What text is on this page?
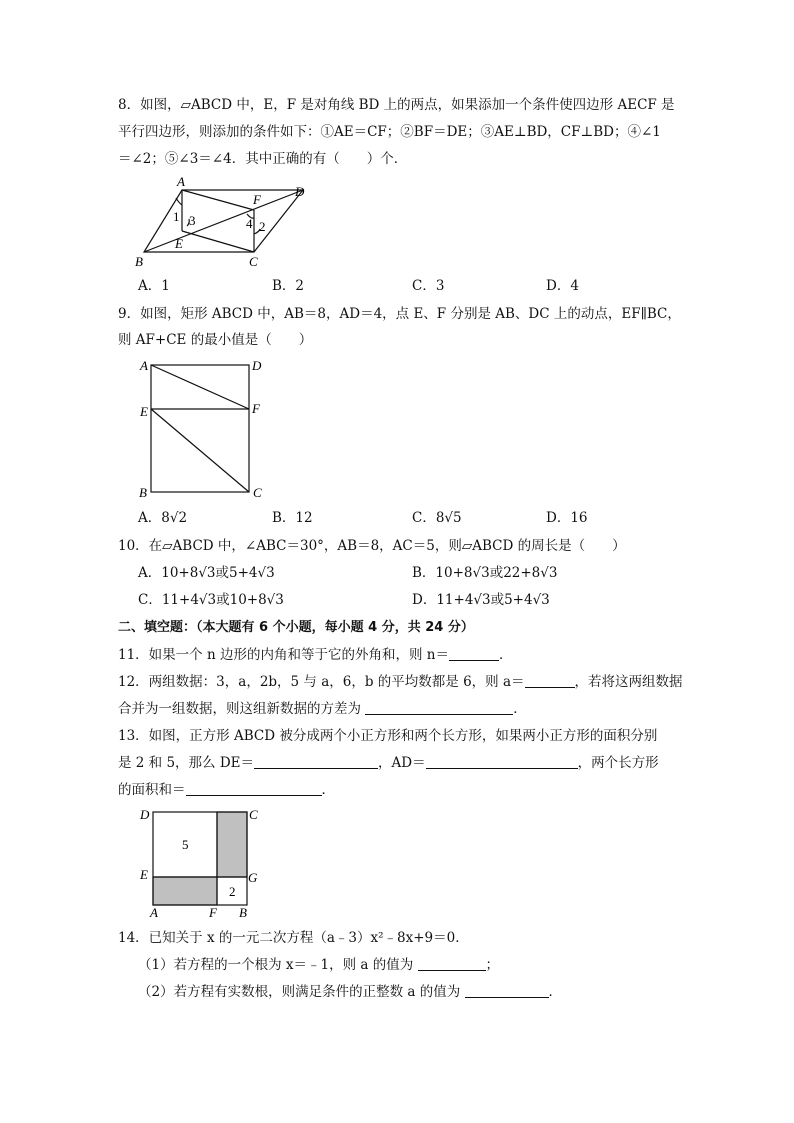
8．如图，▱ABCD 中，E，F 是对角线 BD 上的两点，如果添加一个条件使四边形 AECF 是
平行四边形，则添加的条件如下：①AE＝CF；②BF＝DE；③AE⊥BD，CF⊥BD；④∠1
＝∠2；⑤∠3＝∠4．其中正确的有（　　）个．
A
B	C
D
E
F
1
2
3	4
A．1	B．2	C．3	D．4
9．如图，矩形 ABCD 中，AB＝8，AD＝4，点 E、F 分别是 AB、DC 上的动点，EF∥BC，
则 AF+CE 的最小值是（　　）
A	D
E	F
B	C
A．8√2	B．12	C．8√5	D．16
10．在▱ABCD 中，∠ABC＝30°，AB＝8，AC＝5，则▱ABCD 的周长是（　　）
A．10+8√3或5+4√3	B．10+8√3或22+8√3
C．11+4√3或10+8√3	D．11+4√3或5+4√3
二、填空题：（本大题有 6 个小题，每小题 4 分，共 24 分）
11．如果一个 n 边形的内角和等于它的外角和，则 n＝	．
12．两组数据：3，a，2b，5 与 a，6，b 的平均数都是 6，则 a＝	，若将这两组数据
合并为一组数据，则这组新数据的方差为	．
13．如图，正方形 ABCD 被分成两个小正方形和两个长方形，如果两小正方形的面积分别
是 2 和 5，那么 DE＝	，AD＝	，两个长方形
的面积和＝	．
D	C
E	G
A	F B
5
2
14．已知关于 x 的一元二次方程（a﹣3）x²﹣8x+9＝0．
（1）若方程的一个根为 x＝﹣1，则 a 的值为	；
（2）若方程有实数根，则满足条件的正整数 a 的值为	．
